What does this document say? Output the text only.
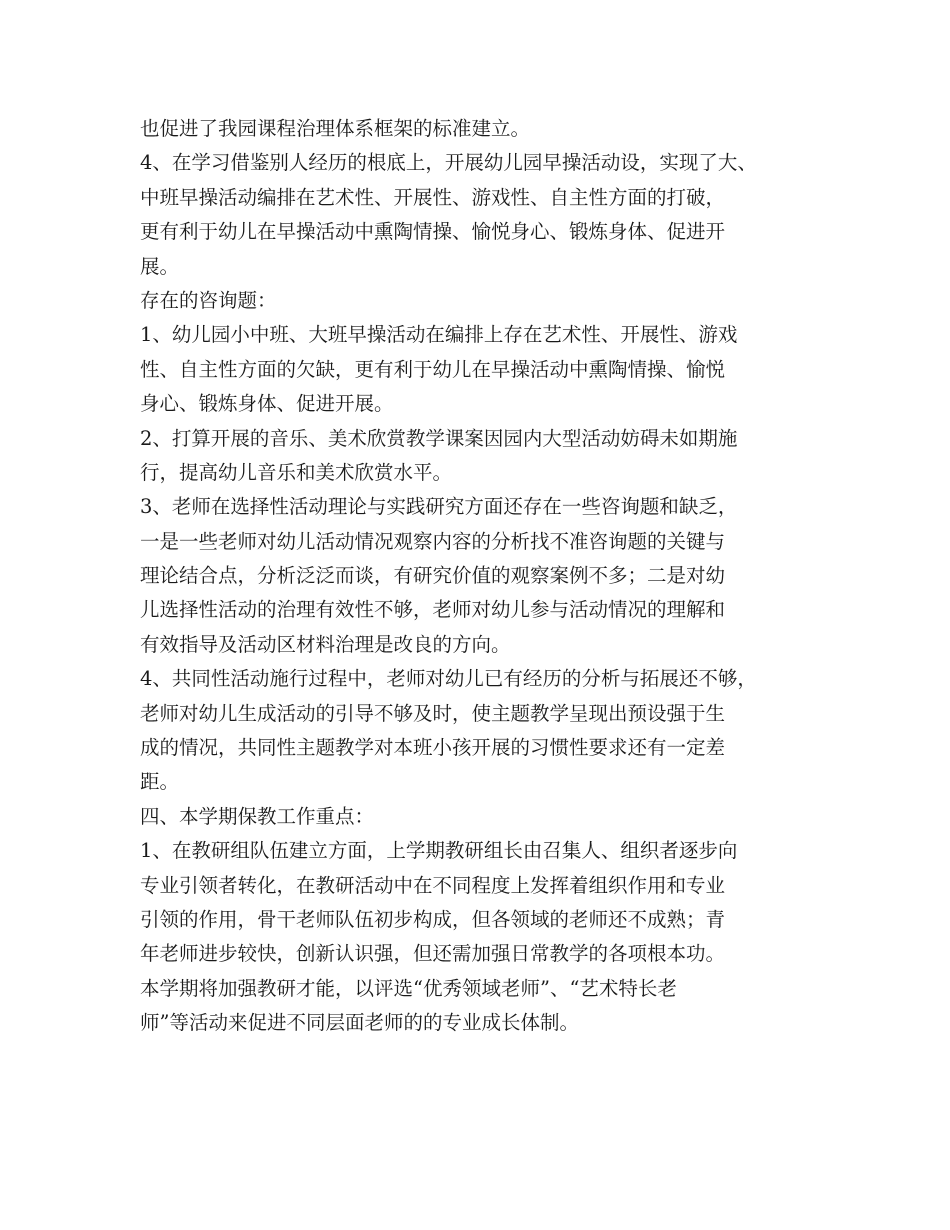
也促进了我园课程治理体系框架的标准建立。
4、在学习借鉴别人经历的根底上，开展幼儿园早操活动设，实现了大、
中班早操活动编排在艺术性、开展性、游戏性、自主性方面的打破，
更有利于幼儿在早操活动中熏陶情操、愉悦身心、锻炼身体、促进开
展。
存在的咨询题：
1、幼儿园小中班、大班早操活动在编排上存在艺术性、开展性、游戏
性、自主性方面的欠缺，更有利于幼儿在早操活动中熏陶情操、愉悦
身心、锻炼身体、促进开展。
2、打算开展的音乐、美术欣赏教学课案因园内大型活动妨碍未如期施
行，提高幼儿音乐和美术欣赏水平。
3、老师在选择性活动理论与实践研究方面还存在一些咨询题和缺乏，
一是一些老师对幼儿活动情况观察内容的分析找不准咨询题的关键与
理论结合点，分析泛泛而谈，有研究价值的观察案例不多；二是对幼
儿选择性活动的治理有效性不够，老师对幼儿参与活动情况的理解和
有效指导及活动区材料治理是改良的方向。
4、共同性活动施行过程中，老师对幼儿已有经历的分析与拓展还不够，
老师对幼儿生成活动的引导不够及时，使主题教学呈现出预设强于生
成的情况，共同性主题教学对本班小孩开展的习惯性要求还有一定差
距。
四、本学期保教工作重点：
1、在教研组队伍建立方面，上学期教研组长由召集人、组织者逐步向
专业引领者转化，在教研活动中在不同程度上发挥着组织作用和专业
引领的作用，骨干老师队伍初步构成，但各领域的老师还不成熟；青
年老师进步较快，创新认识强，但还需加强日常教学的各项根本功。
本学期将加强教研才能，以评选“优秀领域老师”、“艺术特长老
师”等活动来促进不同层面老师的的专业成长体制。
